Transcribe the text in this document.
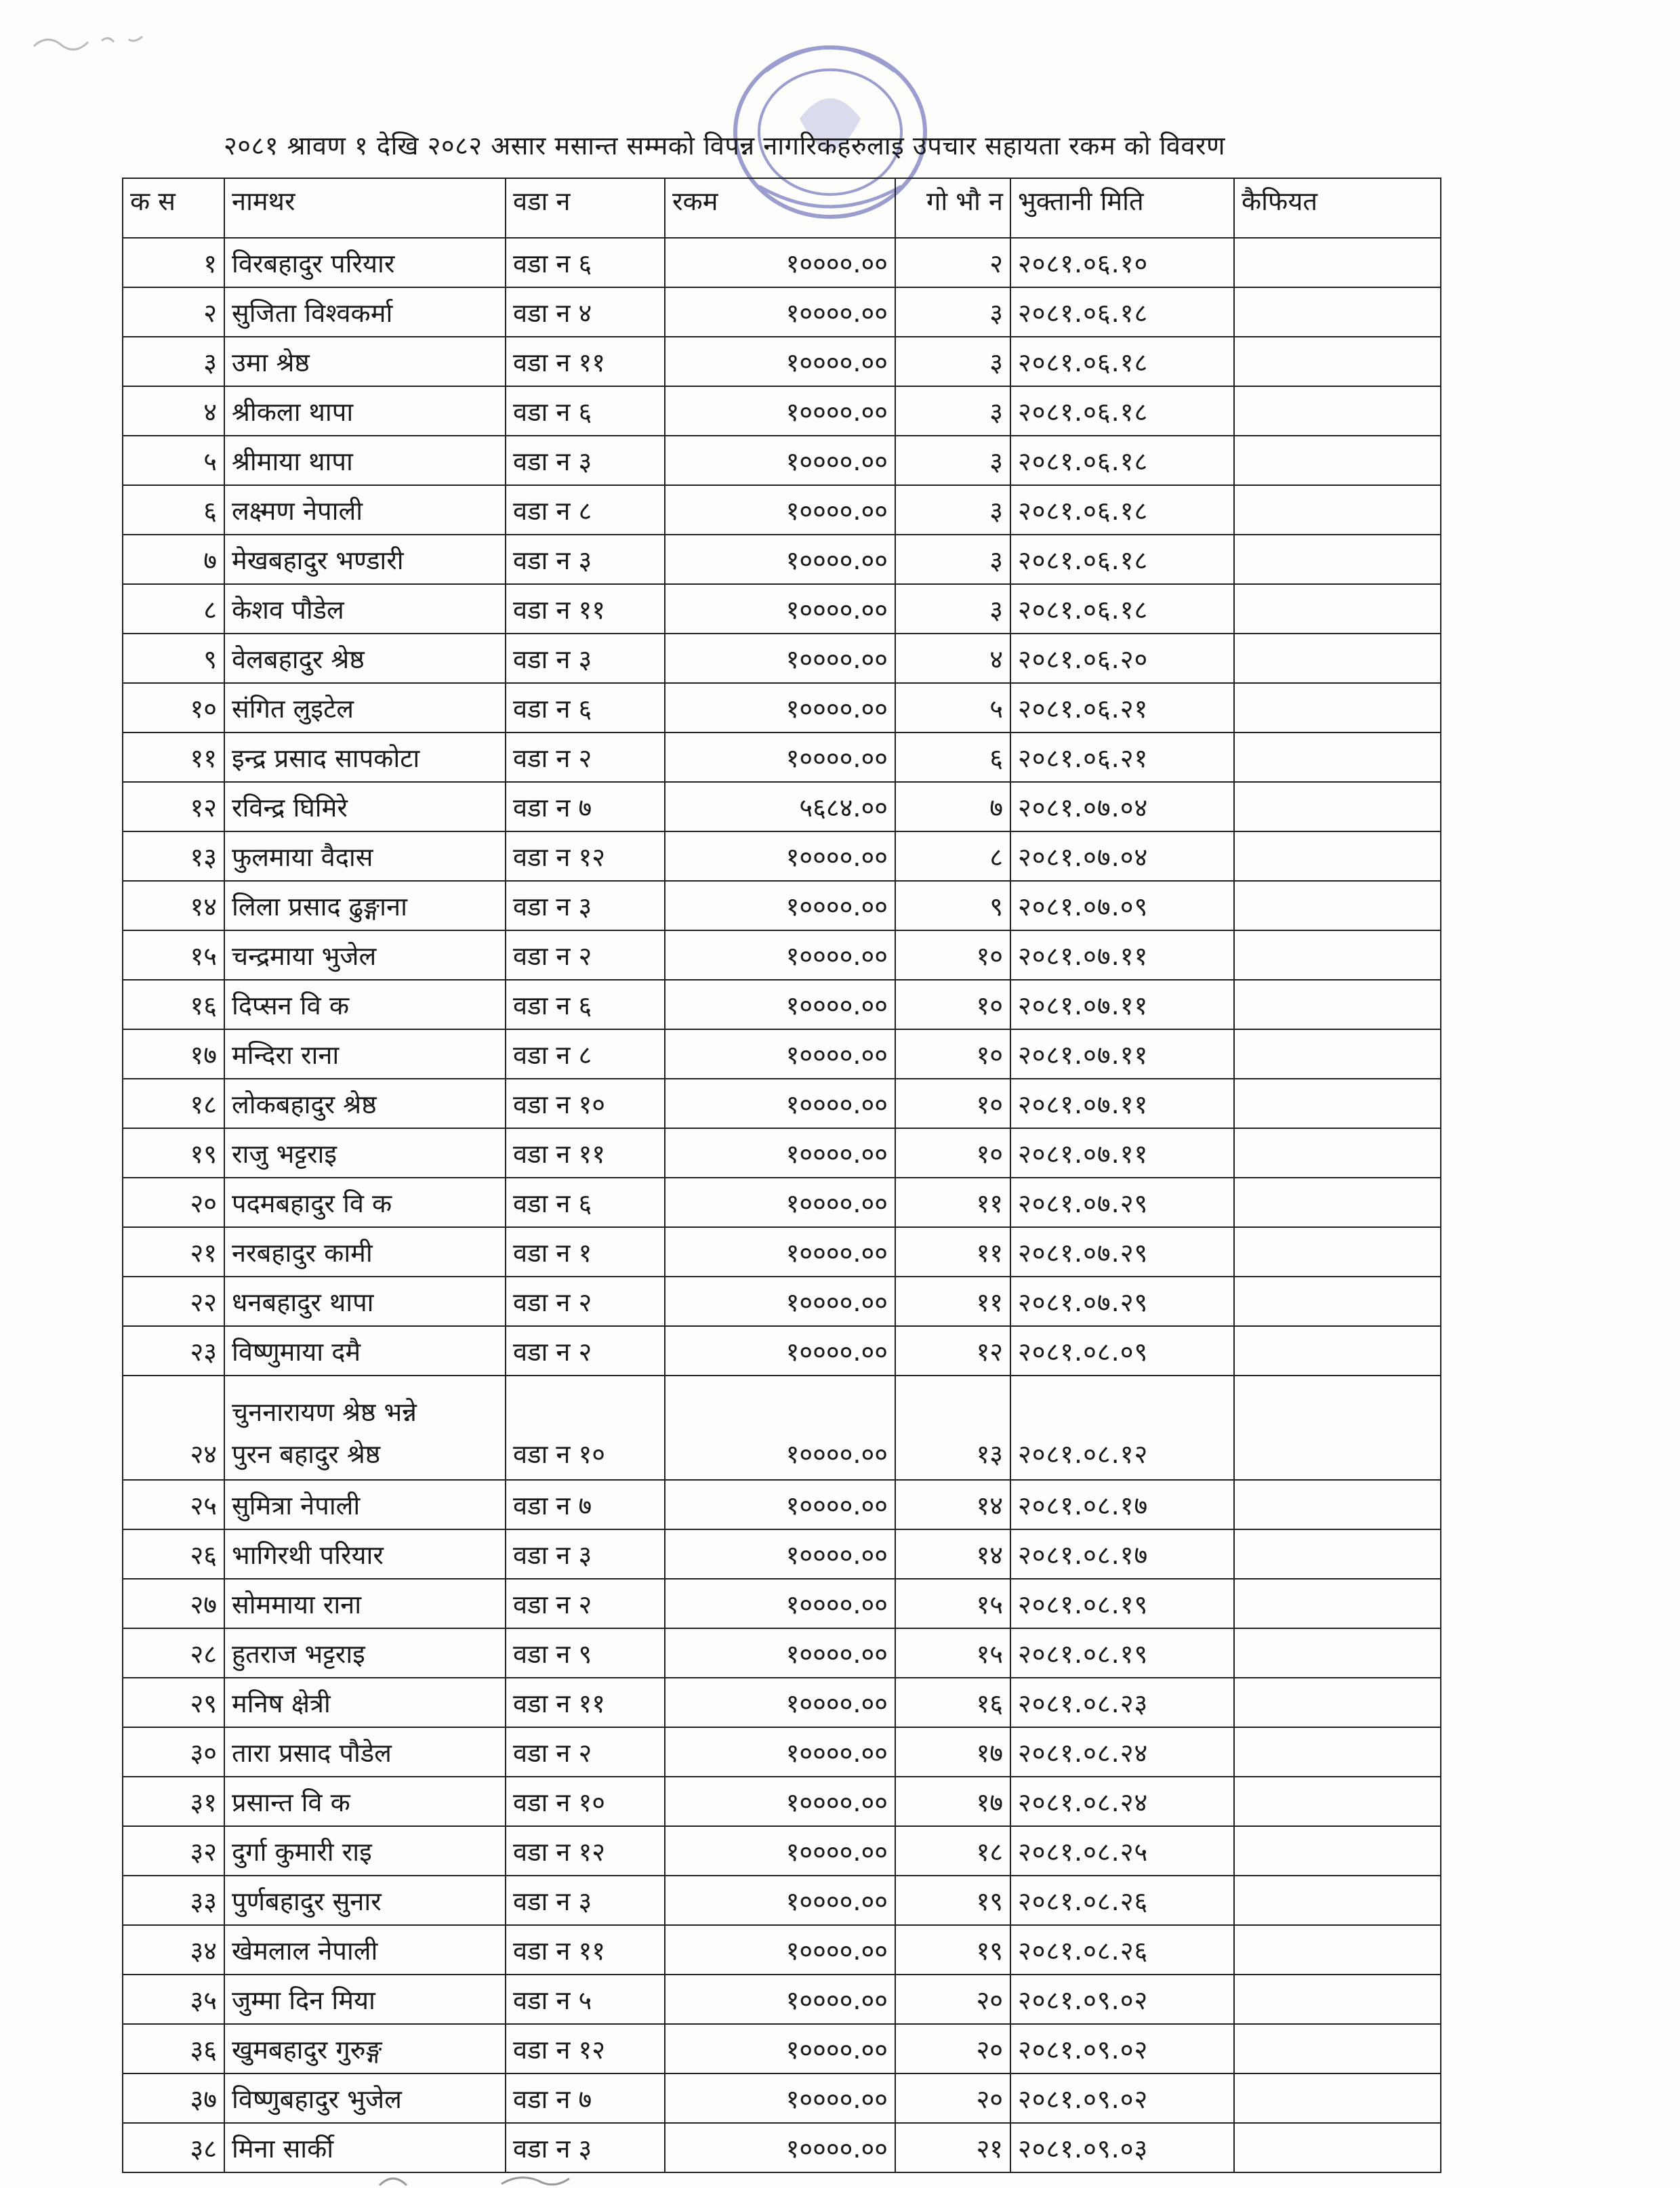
२०८१ श्रावण १ देखि २०८२ असार मसान्त सम्मको विपन्न नागरिकहरुलाइ उपचार सहायता रकम को विवरण
क स	नामथर	वडा न	रकम	गो भौ न	भुक्तानी मिति	कैफियत
१	विरबहादुर परियार	वडा न ६	१००००.००	२	२०८१.०६.१०	
२	सुजिता विश्वकर्मा	वडा न ४	१००००.००	३	२०८१.०६.१८	
३	उमा श्रेष्ठ	वडा न ११	१००००.००	३	२०८१.०६.१८	
४	श्रीकला थापा	वडा न ६	१००००.००	३	२०८१.०६.१८	
५	श्रीमाया थापा	वडा न ३	१००००.००	३	२०८१.०६.१८	
६	लक्ष्मण नेपाली	वडा न ८	१००००.००	३	२०८१.०६.१८	
७	मेखबहादुर भण्डारी	वडा न ३	१००००.००	३	२०८१.०६.१८	
८	केशव पौडेल	वडा न ११	१००००.००	३	२०८१.०६.१८	
९	वेलबहादुर श्रेष्ठ	वडा न ३	१००००.००	४	२०८१.०६.२०	
१०	संगित लुइटेल	वडा न ६	१००००.००	५	२०८१.०६.२१	
११	इन्द्र प्रसाद सापकोटा	वडा न २	१००००.००	६	२०८१.०६.२१	
१२	रविन्द्र घिमिरे	वडा न ७	५६८४.००	७	२०८१.०७.०४	
१३	फुलमाया वैदास	वडा न १२	१००००.००	८	२०८१.०७.०४	
१४	लिला प्रसाद ढुङ्गाना	वडा न ३	१००००.००	९	२०८१.०७.०९	
१५	चन्द्रमाया भुजेल	वडा न २	१००००.००	१०	२०८१.०७.११	
१६	दिप्सन वि क	वडा न ६	१००००.००	१०	२०८१.०७.११	
१७	मन्दिरा राना	वडा न ८	१००००.००	१०	२०८१.०७.११	
१८	लोकबहादुर श्रेष्ठ	वडा न १०	१००००.००	१०	२०८१.०७.११	
१९	राजु भट्टराइ	वडा न ११	१००००.००	१०	२०८१.०७.११	
२०	पदमबहादुर वि क	वडा न ६	१००००.००	११	२०८१.०७.२९	
२१	नरबहादुर कामी	वडा न १	१००००.००	११	२०८१.०७.२९	
२२	धनबहादुर थापा	वडा न २	१००००.००	११	२०८१.०७.२९	
२३	विष्णुमाया दमै	वडा न २	१००००.००	१२	२०८१.०८.०९	
२४	चुननारायण श्रेष्ठ भन्ने
पुरन बहादुर श्रेष्ठ	वडा न १०	१००००.००	१३	२०८१.०८.१२	
२५	सुमित्रा नेपाली	वडा न ७	१००००.००	१४	२०८१.०८.१७	
२६	भागिरथी परियार	वडा न ३	१००००.००	१४	२०८१.०८.१७	
२७	सोममाया राना	वडा न २	१००००.००	१५	२०८१.०८.१९	
२८	हुतराज भट्टराइ	वडा न ९	१००००.००	१५	२०८१.०८.१९	
२९	मनिष क्षेत्री	वडा न ११	१००००.००	१६	२०८१.०८.२३	
३०	तारा प्रसाद पौडेल	वडा न २	१००००.००	१७	२०८१.०८.२४	
३१	प्रसान्त वि क	वडा न १०	१००००.००	१७	२०८१.०८.२४	
३२	दुर्गा कुमारी राइ	वडा न १२	१००००.००	१८	२०८१.०८.२५	
३३	पुर्णबहादुर सुनार	वडा न ३	१००००.००	१९	२०८१.०८.२६	
३४	खेमलाल नेपाली	वडा न ११	१००००.००	१९	२०८१.०८.२६	
३५	जुम्मा दिन मिया	वडा न ५	१००००.००	२०	२०८१.०९.०२	
३६	खुमबहादुर गुरुङ्ग	वडा न १२	१००००.००	२०	२०८१.०९.०२	
३७	विष्णुबहादुर भुजेल	वडा न ७	१००००.००	२०	२०८१.०९.०२	
३८	मिना सार्की	वडा न ३	१००००.००	२१	२०८१.०९.०३	
